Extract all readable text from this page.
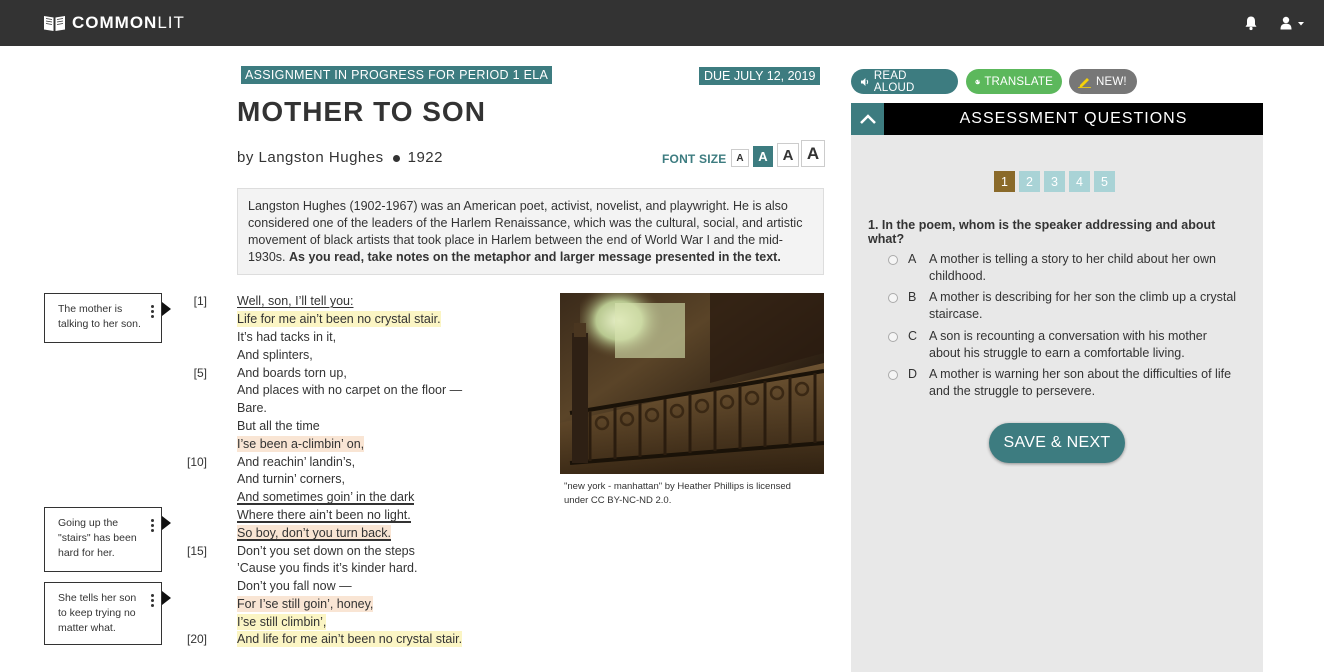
COMMONLIT
ASSIGNMENT IN PROGRESS FOR PERIOD 1 ELA	DUE JULY 12, 2019
MOTHER TO SON
by Langston Hughes 1922	FONT SIZE A	A A A
Langston Hughes (1902-1967) was an American poet, activist, novelist, and playwright. He is also considered one of the leaders of the Harlem Renaissance, which was the cultural, social, and artistic movement of black artists that took place in Harlem between the end of World War I and the mid-1930s. As you read, take notes on the metaphor and larger message presented in the text.
The mother is talking to her son.
Going up the "stairs" has been hard for her.
She tells her son to keep trying no matter what.
[1]
[5]
[10]
[15]
[20]
Well, son, I’ll tell you:
Life for me ain’t been no crystal stair.
It’s had tacks in it,
And splinters,
And boards torn up,
And places with no carpet on the floor —
Bare.
But all the time
I’se been a-climbin’ on,
And reachin’ landin’s,
And turnin’ corners,
And sometimes goin’ in the dark
Where there ain’t been no light.
So boy, don’t you turn back.
Don’t you set down on the steps
’Cause you finds it’s kinder hard.
Don’t you fall now —
For I’se still goin’, honey,
I’se still climbin’,
And life for me ain’t been no crystal stair.
"new york - manhattan" by Heather Phillips is licensed under CC BY-NC-ND 2.0.
READ ALOUD	TRANSLATE	NEW!
ASSESSMENT QUESTIONS
1	2	3	4	5
1. In the poem, whom is the speaker addressing and about what?
A A mother is telling a story to her child about her own childhood.
B A mother is describing for her son the climb up a crystal staircase.
C A son is recounting a conversation with his mother about his struggle to earn a comfortable living.
D A mother is warning her son about the difficulties of life and the struggle to persevere.
SAVE & NEXT
